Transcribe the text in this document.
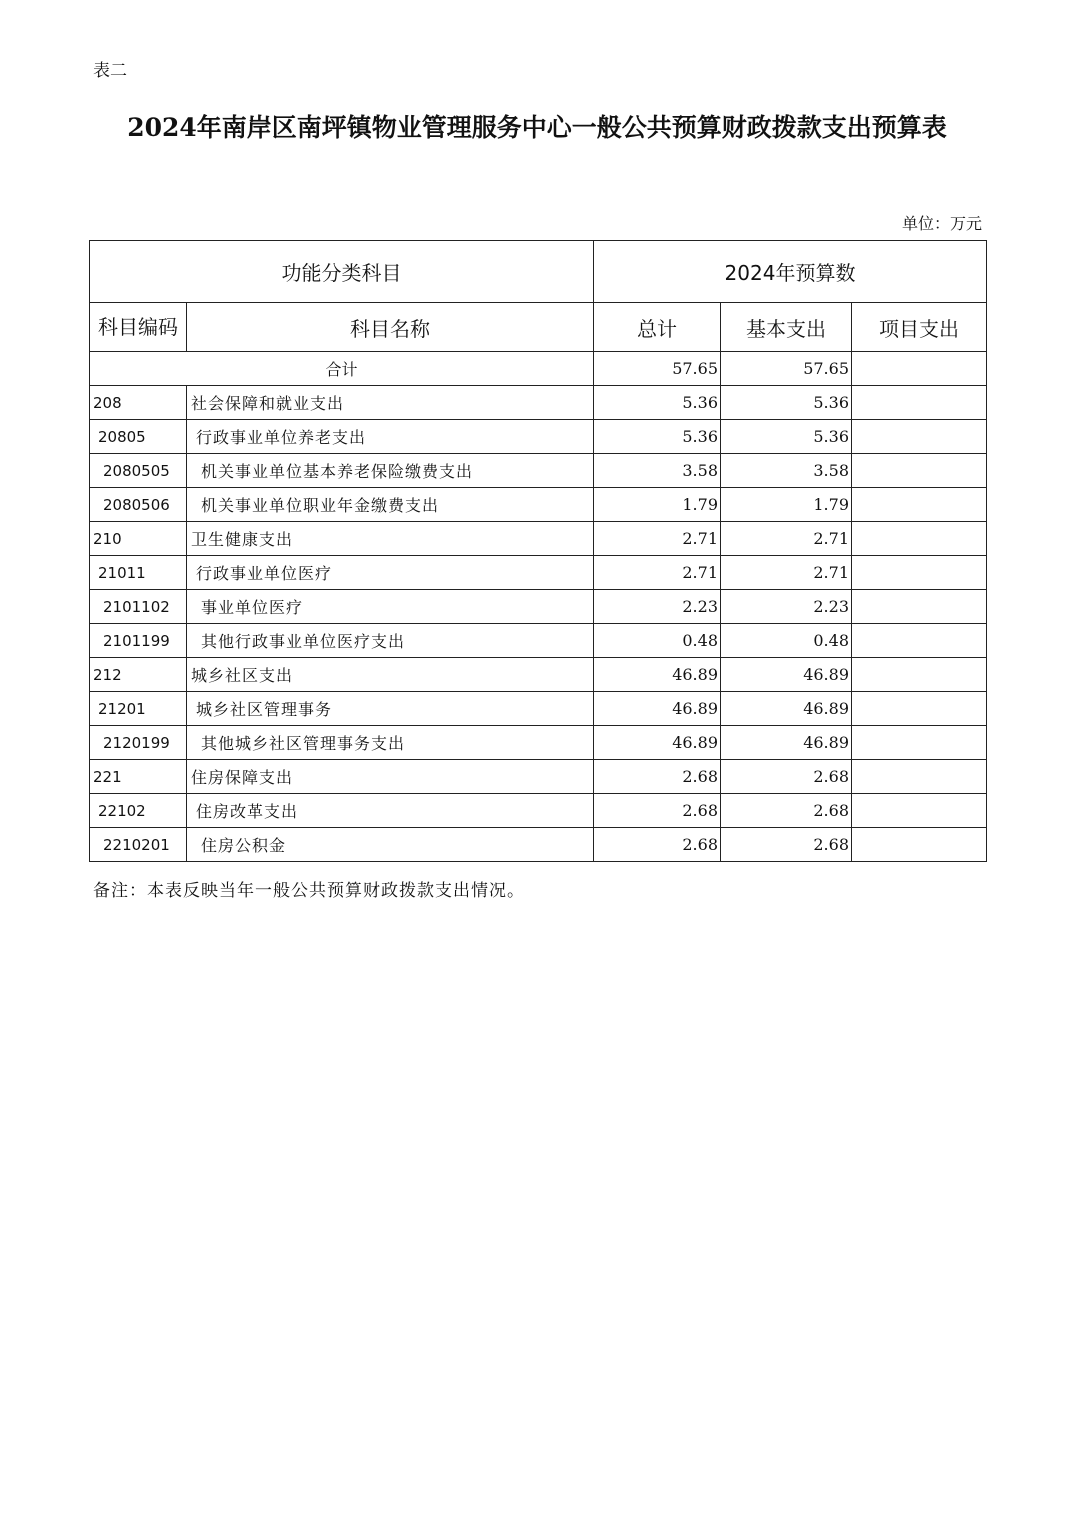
表二
2024年南岸区南坪镇物业管理服务中心一般公共预算财政拨款支出预算表
单位：万元
功能分类科目		2024年预算数		
科目编码	科目名称	总计	基本支出	项目支出
合计		57.65	57.65	
208	社会保障和就业支出	5.36	5.36	
20805	行政事业单位养老支出	5.36	5.36	
2080505	机关事业单位基本养老保险缴费支出	3.58	3.58	
2080506	机关事业单位职业年金缴费支出	1.79	1.79	
210	卫生健康支出	2.71	2.71	
21011	行政事业单位医疗	2.71	2.71	
2101102	事业单位医疗	2.23	2.23	
2101199	其他行政事业单位医疗支出	0.48	0.48	
212	城乡社区支出	46.89	46.89	
21201	城乡社区管理事务	46.89	46.89	
2120199	其他城乡社区管理事务支出	46.89	46.89	
221	住房保障支出	2.68	2.68	
22102	住房改革支出	2.68	2.68	
2210201	住房公积金	2.68	2.68	
备注：本表反映当年一般公共预算财政拨款支出情况。
